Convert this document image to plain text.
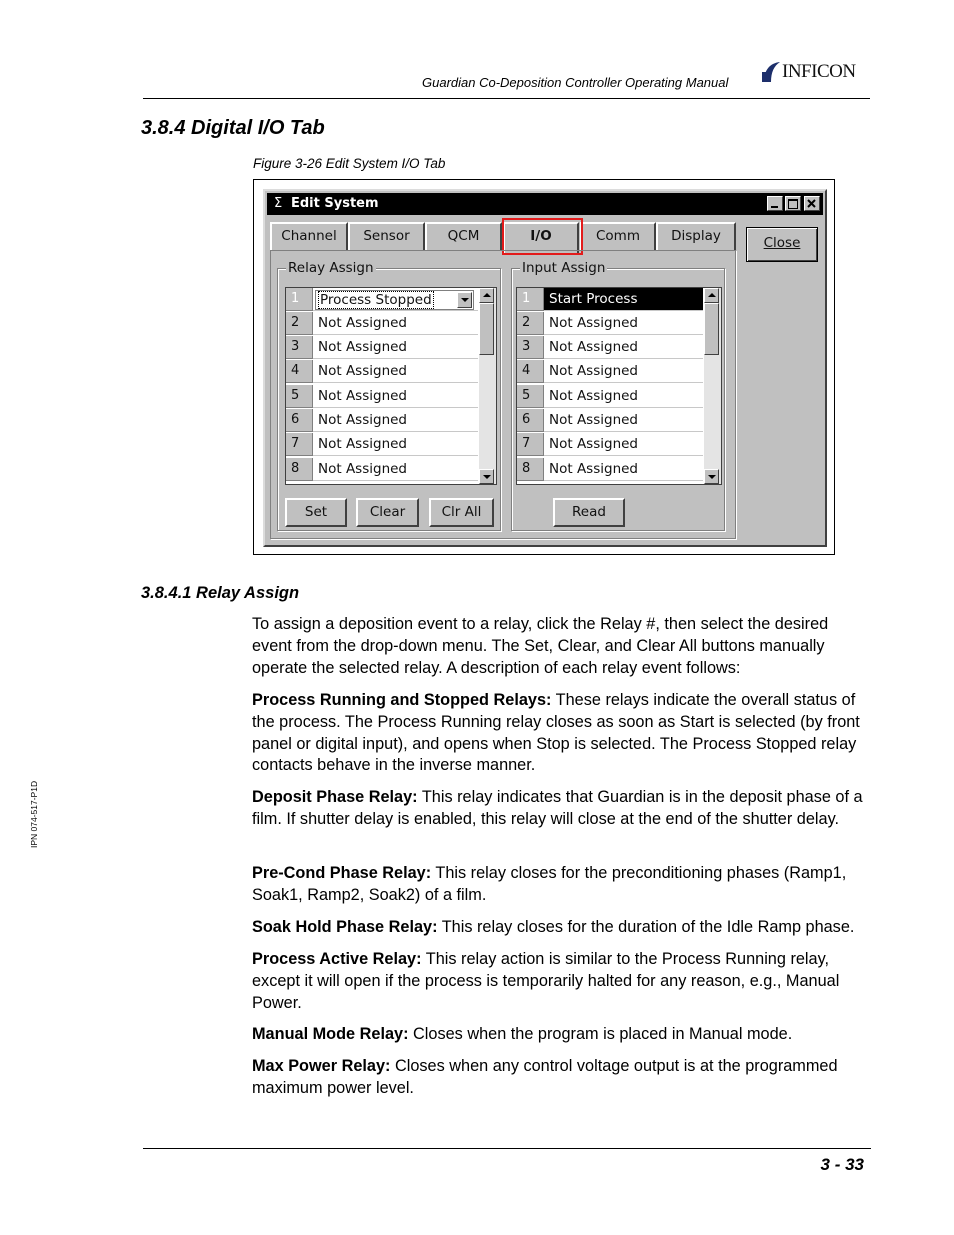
Guardian Co-Deposition Controller Operating Manual
INFICON
3.8.4 Digital I/O Tab
Figure 3-26 Edit System I/O Tab
Σ Edit System
Channel	Sensor	QCM	I/O	Comm	Display	Close
Relay Assign
1	Process Stopped
2	Not Assigned
3	Not Assigned
4	Not Assigned
5	Not Assigned
6	Not Assigned
7	Not Assigned
8	Not Assigned
Set	Clear	Clr All
Input Assign
1	Start Process
2	Not Assigned
3	Not Assigned
4	Not Assigned
5	Not Assigned
6	Not Assigned
7	Not Assigned
8	Not Assigned
Read
3.8.4.1 Relay Assign
To assign a deposition event to a relay, click the Relay #, then select the desired event from the drop-down menu. The Set, Clear, and Clear All buttons manually operate the selected relay. A description of each relay event follows:
Process Running and Stopped Relays: These relays indicate the overall status of the process. The Process Running relay closes as soon as Start is selected (by front panel or digital input), and opens when Stop is selected. The Process Stopped relay contacts behave in the inverse manner.
Deposit Phase Relay: This relay indicates that Guardian is in the deposit phase of a film. If shutter delay is enabled, this relay will close at the end of the shutter delay.
Pre-Cond Phase Relay: This relay closes for the preconditioning phases (Ramp1, Soak1, Ramp2, Soak2) of a film.
Soak Hold Phase Relay: This relay closes for the duration of the Idle Ramp phase.
Process Active Relay: This relay action is similar to the Process Running relay, except it will open if the process is temporarily halted for any reason, e.g., Manual Power.
Manual Mode Relay: Closes when the program is placed in Manual mode.
Max Power Relay: Closes when any control voltage output is at the programmed maximum power level.
IPN 074-517-P1D
3 - 33
